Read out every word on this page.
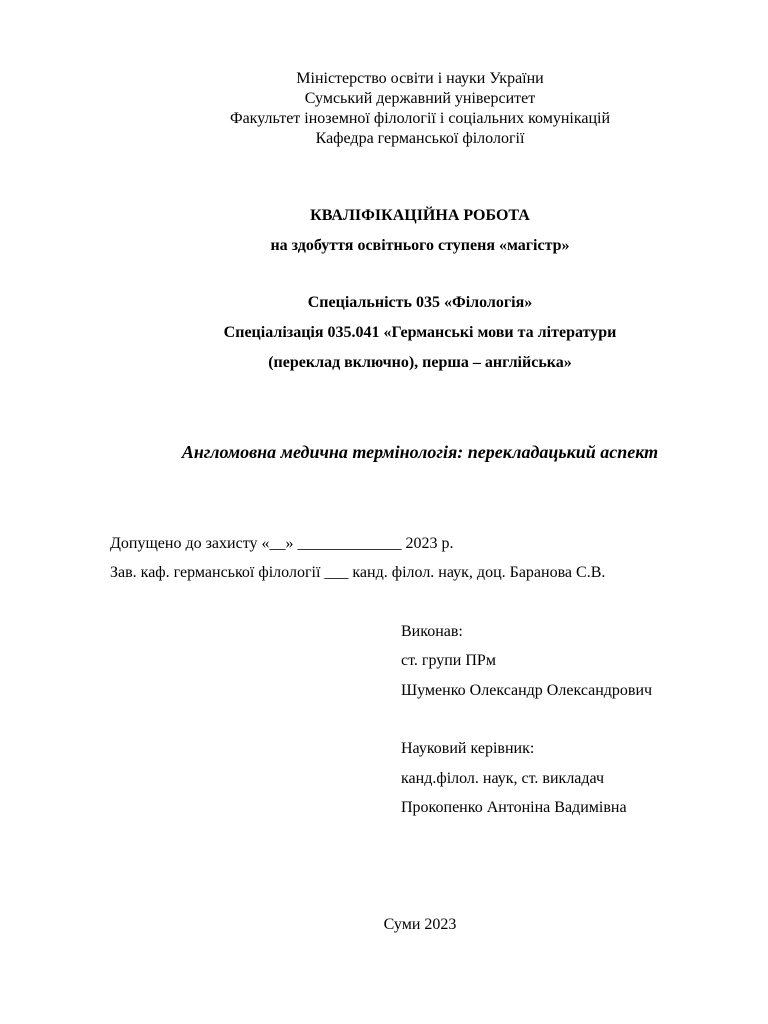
Міністерство освіти і науки України
Сумський державний університет
Факультет іноземної філології і соціальних комунікацій
Кафедра германської філології
КВАЛІФІКАЦІЙНА РОБОТА
на здобуття освітнього ступеня «магістр»
Спеціальність 035 «Філологія»
Спеціалізація 035.041 «Германські мови та літератури
(переклад включно), перша – англійська»
Англомовна медична термінологія: перекладацький аспект
Допущено до захисту «__» _____________ 2023 р.
Зав. каф. германської філології ___ канд. філол. наук, доц. Баранова С.В.
Виконав:
ст. групи ПРм
Шуменко Олександр Олександрович
Науковий керівник:
канд.філол. наук, ст. викладач
Прокопенко Антоніна Вадимівна
Суми 2023
